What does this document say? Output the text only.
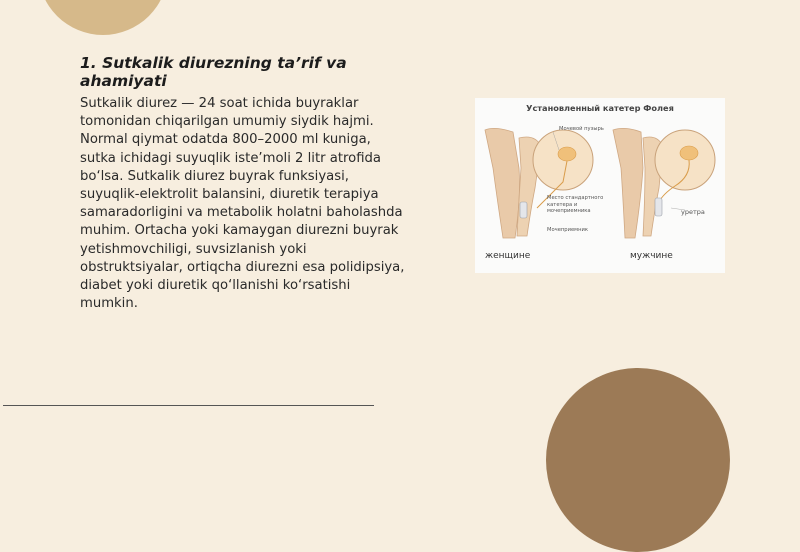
1. Sutkalik diurezning ta’rif va ahamiyati

Sutkalik diurez — 24 soat ichida buyraklar tomonidan chiqarilgan umumiy siydik hajmi. Normal qiymat odatda 800–2000 ml kuniga, sutka ichidagi suyuqlik iste’moli 2 litr atrofida bo‘lsa. Sutkalik diurez buyrak funksiyasi, suyuqlik-elektrolit balansini, diuretik terapiya samaradorligini va metabolik holatni baholashda muhim. Ortacha yoki kamaygan diurezni buyrak yetishmovchiligi, suvsizlanish yoki obstruktsiyalar, ortiqcha diurezni esa polidipsiya, diabet yoki diuretik qo‘llanishi ko‘rsatishi mumkin.

Установленный катетер Фолея
Мочевой пузырь
Место стандартного катетера и мочеприемника
Мочеприемник
уретра
женщине	мужчине
